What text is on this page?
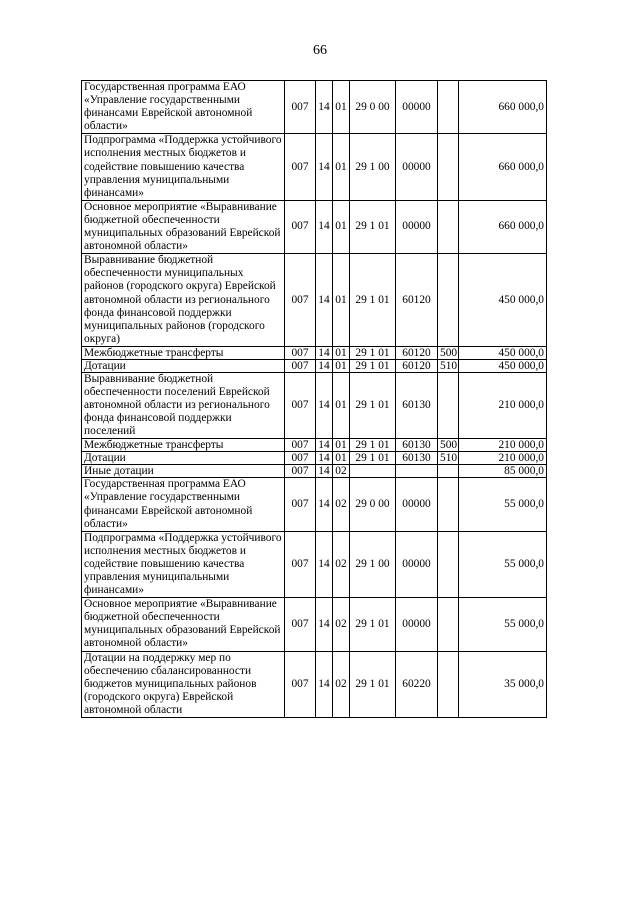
66
Государственная программа ЕАО «Управление государственными финансами Еврейской автономной области»	007	14	01	29 0 00	00000		660 000,0
Подпрограмма «Поддержка устойчивого исполнения местных бюджетов и содействие повышению качества управления муниципальными финансами»	007	14	01	29 1 00	00000		660 000,0
Основное мероприятие «Выравнивание бюджетной обеспеченности муниципальных образований Еврейской автономной области»	007	14	01	29 1 01	00000		660 000,0
Выравнивание бюджетной обеспеченности муниципальных районов (городского округа) Еврейской автономной области из регионального фонда финансовой поддержки муниципальных районов (городского округа)	007	14	01	29 1 01	60120		450 000,0
Межбюджетные трансферты	007	14	01	29 1 01	60120	500	450 000,0
Дотации	007	14	01	29 1 01	60120	510	450 000,0
Выравнивание бюджетной обеспеченности поселений Еврейской автономной области из регионального фонда финансовой поддержки поселений	007	14	01	29 1 01	60130		210 000,0
Межбюджетные трансферты	007	14	01	29 1 01	60130	500	210 000,0
Дотации	007	14	01	29 1 01	60130	510	210 000,0
Иные дотации	007	14	02				85 000,0
Государственная программа ЕАО «Управление государственными финансами Еврейской автономной области»	007	14	02	29 0 00	00000		55 000,0
Подпрограмма «Поддержка устойчивого исполнения местных бюджетов и содействие повышению качества управления муниципальными финансами»	007	14	02	29 1 00	00000		55 000,0
Основное мероприятие «Выравнивание бюджетной обеспеченности муниципальных образований Еврейской автономной области»	007	14	02	29 1 01	00000		55 000,0
Дотации на поддержку мер по обеспечению сбалансированности бюджетов муниципальных районов (городского округа) Еврейской автономной области	007	14	02	29 1 01	60220		35 000,0
